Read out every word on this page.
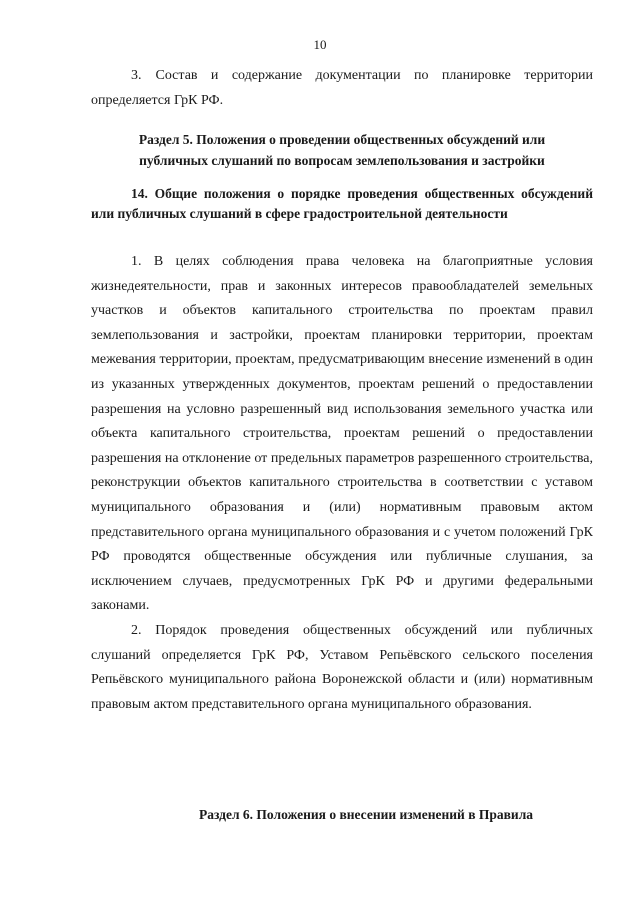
10

3. Состав и содержание документации по планировке территории определяется ГрК РФ.

Раздел 5. Положения о проведении общественных обсуждений или
публичных слушаний по вопросам землепользования и застройки
14. Общие положения о порядке проведения общественных обсуждений или публичных слушаний в сфере градостроительной деятельности

1. В целях соблюдения права человека на благоприятные условия жизнедеятельности, прав и законных интересов правообладателей земельных участков и объектов капитального строительства по проектам правил землепользования и застройки, проектам планировки территории, проектам межевания территории, проектам, предусматривающим внесение изменений в один из указанных утвержденных документов, проектам решений о предоставлении разрешения на условно разрешенный вид использования земельного участка или объекта капитального строительства, проектам решений о предоставлении разрешения на отклонение от предельных параметров разрешенного строительства, реконструкции объектов капитального строительства в соответствии с уставом муниципального образования и (или) нормативным правовым актом представительного органа муниципального образования и с учетом положений ГрК РФ проводятся общественные обсуждения или публичные слушания, за исключением случаев, предусмотренных ГрК РФ и другими федеральными законами.

2. Порядок проведения общественных обсуждений или публичных слушаний определяется ГрК РФ, Уставом Репьёвского сельского поселения Репьёвского муниципального района Воронежской области и (или) нормативным правовым актом представительного органа муниципального образования.

Раздел 6. Положения о внесении изменений в Правила
